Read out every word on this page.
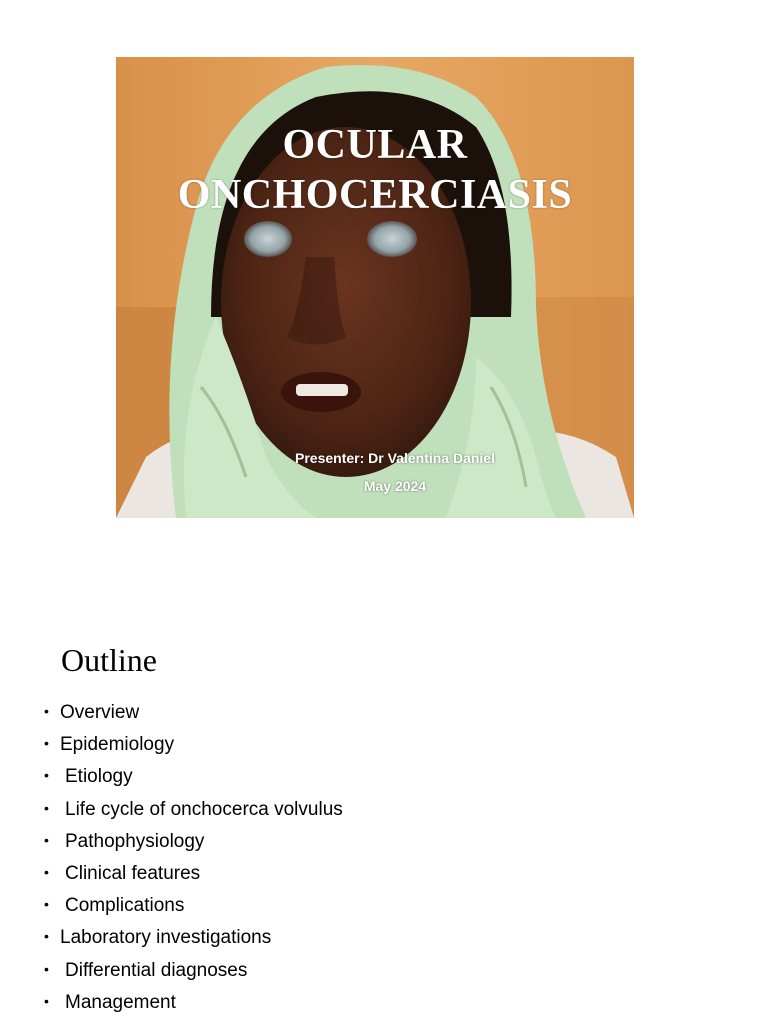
OCULAR
ONCHOCERCIASIS
Presenter: Dr Valentina Daniel
May 2024
Outline
• Overview
• Epidemiology
• Etiology
• Life cycle of onchocerca volvulus
• Pathophysiology
• Clinical features
• Complications
• Laboratory investigations
• Differential diagnoses
• Management
